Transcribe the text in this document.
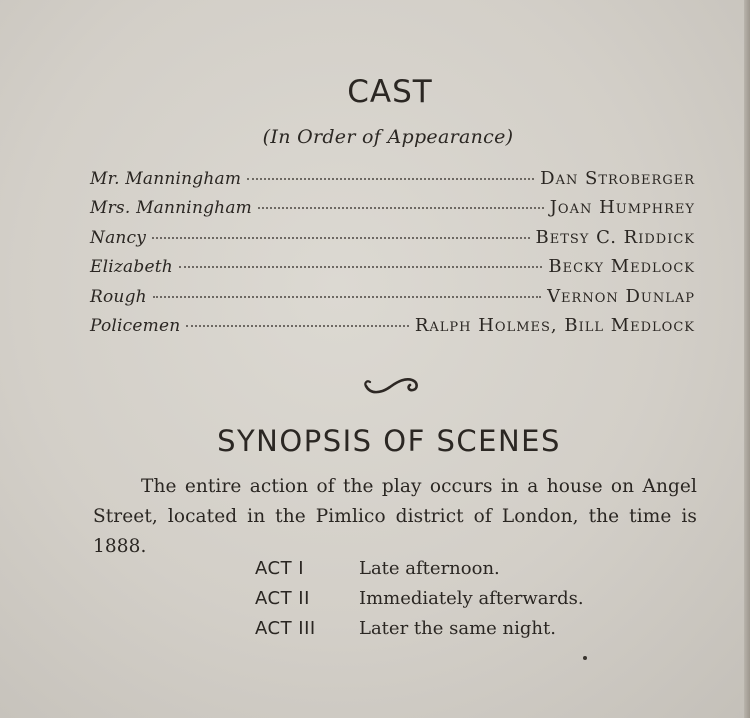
CAST
(In Order of Appearance)
Mr. Manningham	Dan Stroberger
Mrs. Manningham	Joan Humphrey
Nancy	Betsy C. Riddick
Elizabeth	Becky Medlock
Rough	Vernon Dunlap
Policemen	Ralph Holmes, Bill Medlock
SYNOPSIS OF SCENES
The entire action of the play occurs in a house on Angel Street, located in the Pimlico district of London, the time is 1888.
ACT I	Late afternoon.
ACT II	Immediately afterwards.
ACT III	Later the same night.
